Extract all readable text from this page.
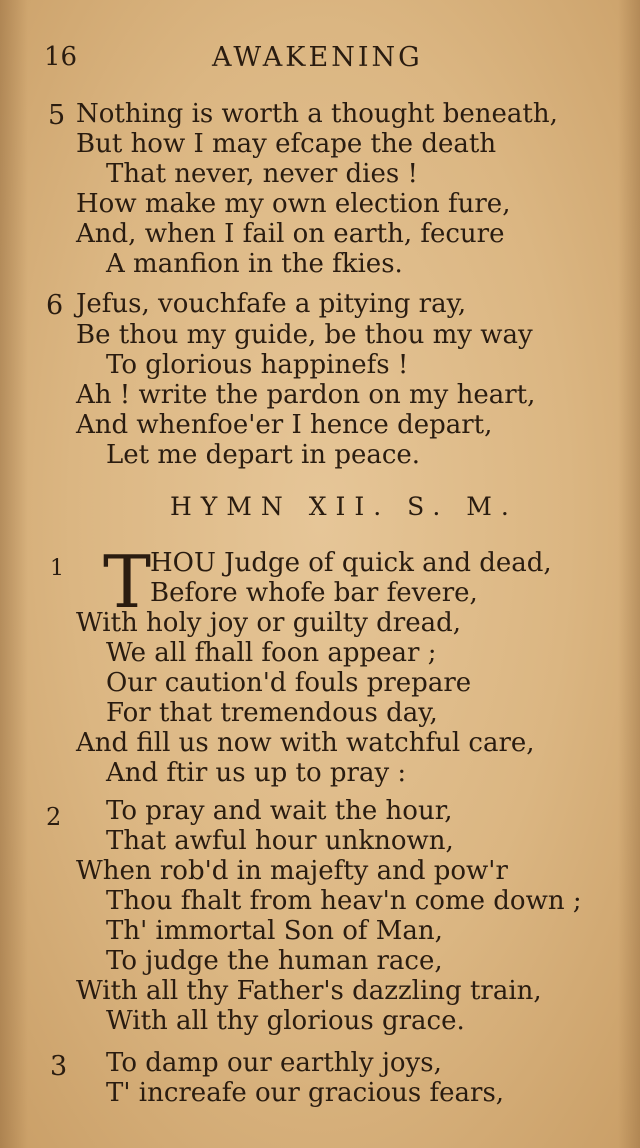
16	AWAKENING
5 Nothing is worth a thought beneath,
But how I may efcape the death
That never, never dies !
How make my own election fure,
And, when I fail on earth, fecure
A manfion in the fkies.
6 Jefus, vouchfafe a pitying ray,
Be thou my guide, be thou my way
To glorious happinefs !
Ah ! write the pardon on my heart,
And whenfoe'er I hence depart,
Let me depart in peace.
HYMN XII. S. M.
1 T
HOU Judge of quick and dead,
Before whofe bar fevere,
With holy joy or guilty dread,
We all fhall foon appear ;
Our caution'd fouls prepare
For that tremendous day,
And fill us now with watchful care,
And ftir us up to pray :
2 To pray and wait the hour,
That awful hour unknown,
When rob'd in majefty and pow'r
Thou fhalt from heav'n come down ;
Th' immortal Son of Man,
To judge the human race,
With all thy Father's dazzling train,
With all thy glorious grace.
3 To damp our earthly joys,
T' increafe our gracious fears,
